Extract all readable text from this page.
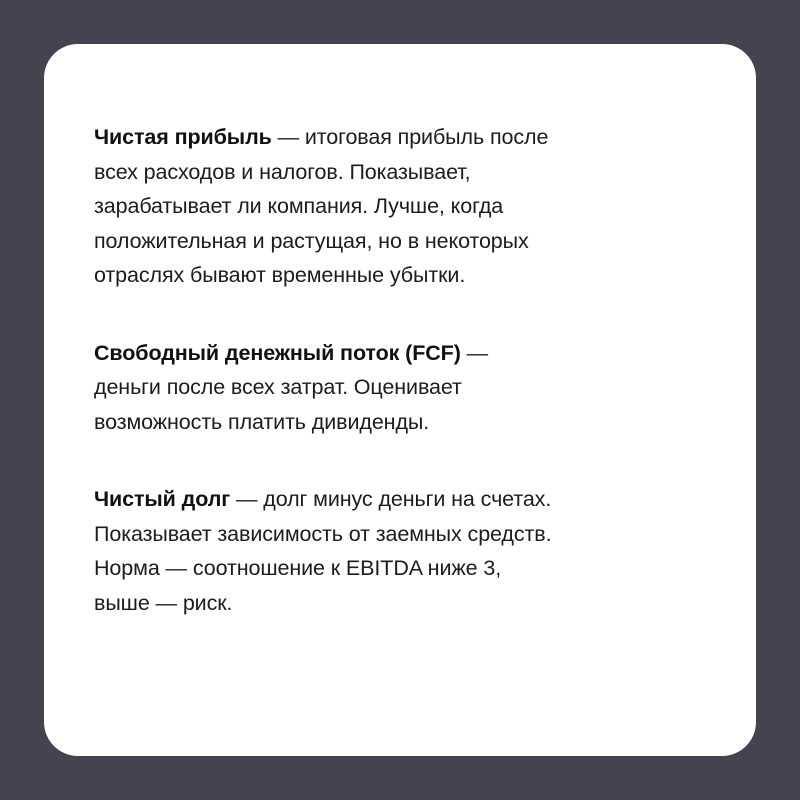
Чистая прибыль — итоговая прибыль после
всех расходов и налогов. Показывает,
зарабатывает ли компания. Лучше, когда
положительная и растущая, но в некоторых
отраслях бывают временные убытки.

Свободный денежный поток (FCF) —
деньги после всех затрат. Оценивает
возможность платить дивиденды.

Чистый долг — долг минус деньги на счетах.
Показывает зависимость от заемных средств.
Норма — соотношение к EBITDA ниже 3,
выше — риск.
